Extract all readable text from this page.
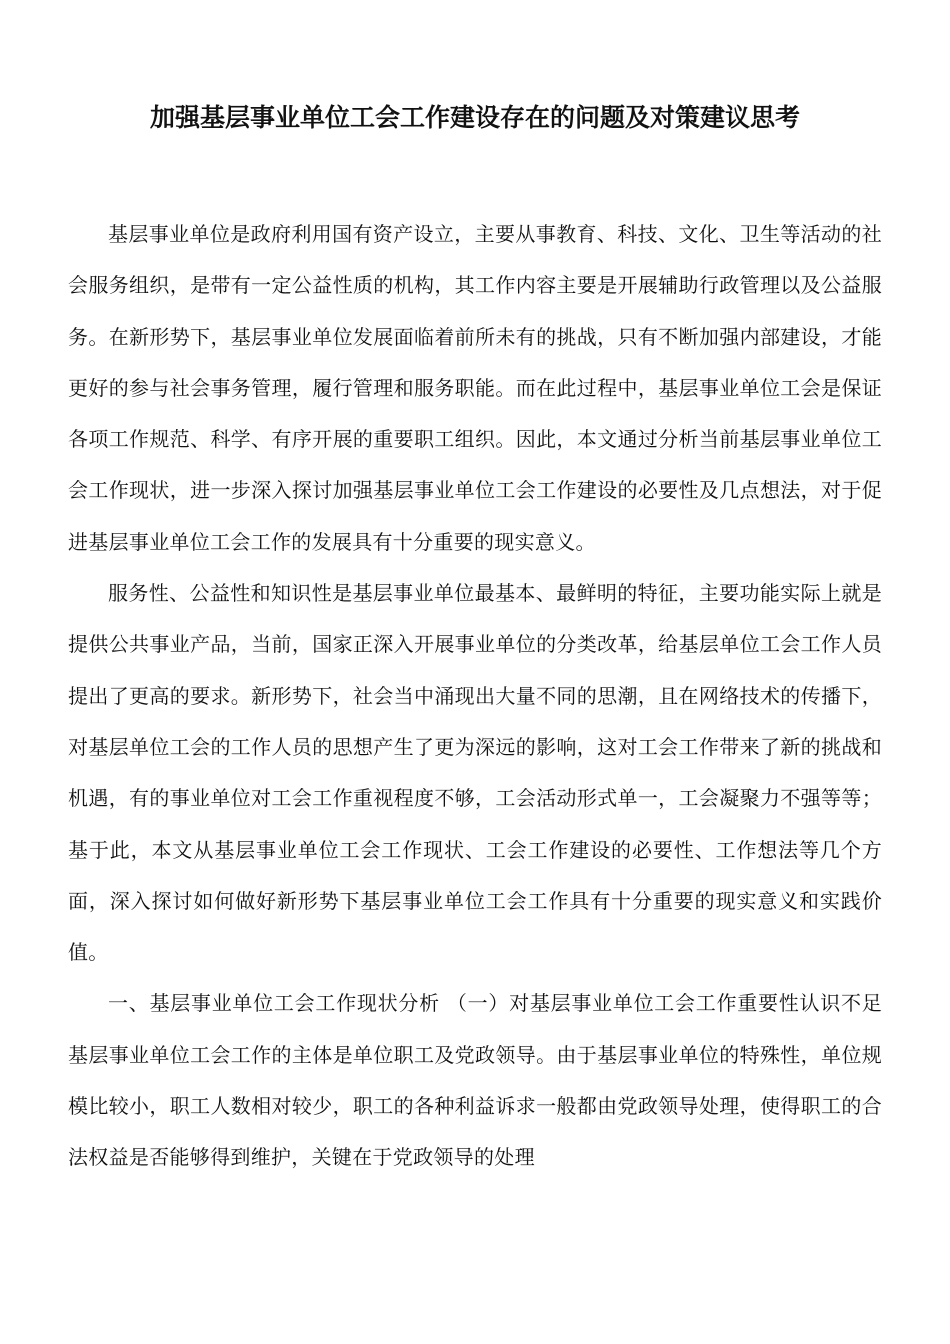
加强基层事业单位工会工作建设存在的问题及对策建议思考

基层事业单位是政府利用国有资产设立，主要从事教育、科技、文化、卫生等活动的社会服务组织，是带有一定公益性质的机构，其工作内容主要是开展辅助行政管理以及公益服务。在新形势下，基层事业单位发展面临着前所未有的挑战，只有不断加强内部建设，才能更好的参与社会事务管理，履行管理和服务职能。而在此过程中，基层事业单位工会是保证各项工作规范、科学、有序开展的重要职工组织。因此，本文通过分析当前基层事业单位工会工作现状，进一步深入探讨加强基层事业单位工会工作建设的必要性及几点想法，对于促进基层事业单位工会工作的发展具有十分重要的现实意义。

服务性、公益性和知识性是基层事业单位最基本、最鲜明的特征，主要功能实际上就是提供公共事业产品，当前，国家正深入开展事业单位的分类改革，给基层单位工会工作人员提出了更高的要求。新形势下，社会当中涌现出大量不同的思潮，且在网络技术的传播下，对基层单位工会的工作人员的思想产生了更为深远的影响，这对工会工作带来了新的挑战和机遇，有的事业单位对工会工作重视程度不够，工会活动形式单一，工会凝聚力不强等等；基于此，本文从基层事业单位工会工作现状、工会工作建设的必要性、工作想法等几个方面，深入探讨如何做好新形势下基层事业单位工会工作具有十分重要的现实意义和实践价值。

一、基层事业单位工会工作现状分析 （一）对基层事业单位工会工作重要性认识不足 基层事业单位工会工作的主体是单位职工及党政领导。由于基层事业单位的特殊性，单位规模比较小，职工人数相对较少，职工的各种利益诉求一般都由党政领导处理，使得职工的合法权益是否能够得到维护，关键在于党政领导的处理
